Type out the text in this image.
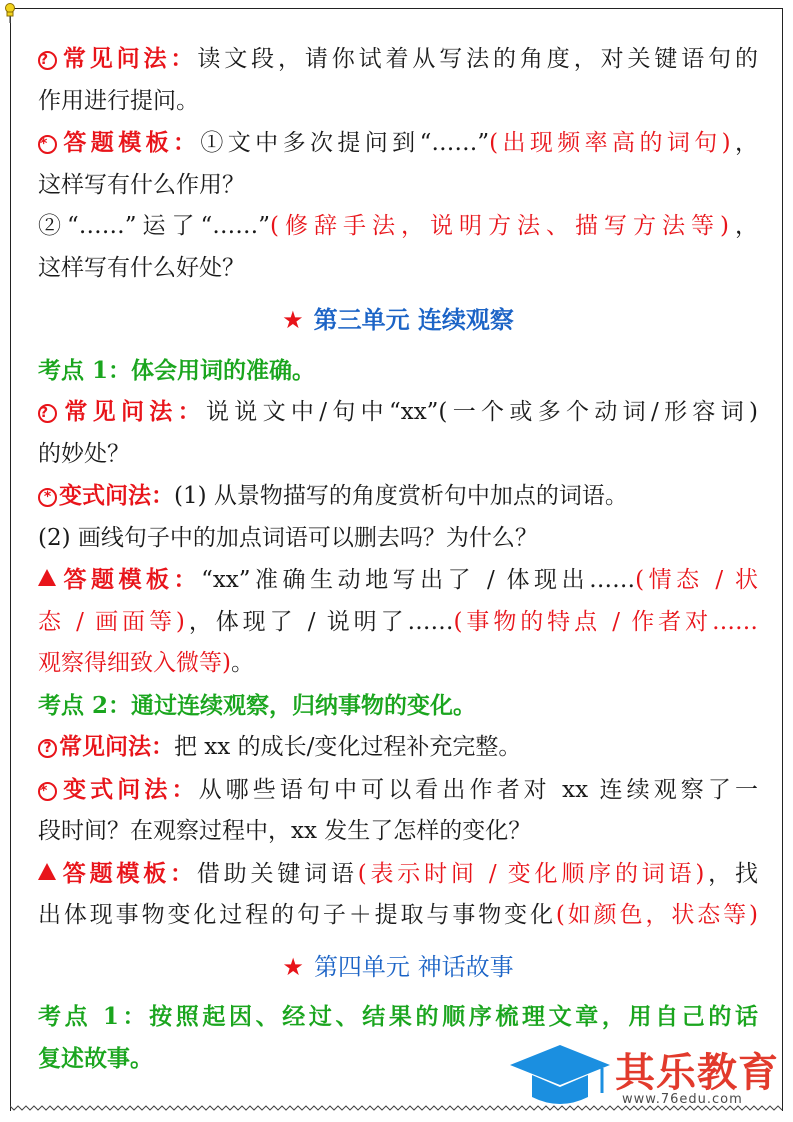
? 常见问法：读文段，请你试着从写法的角度，对关键语句的
作用进行提问。
* 答题模板：①文中多次提问到“……”(出现频率高的词句)，
这样写有什么作用？
②“……”运了“……”(修辞手法，说明方法、描写方法等)，
这样写有什么好处？
★ 第三单元 连续观察
考点 1：体会用词的准确。
? 常见问法：说说文中/句中“xx”(一个或多个动词/形容词)
的妙处？
* 变式问法：(1) 从景物描写的角度赏析句中加点的词语。
(2) 画线句子中的加点词语可以删去吗？为什么？
答题模板：“xx”准确生动地写出了 / 体现出……(情态 / 状
态 / 画面等)，体现了 / 说明了……(事物的特点 / 作者对……
观察得细致入微等)。
考点 2：通过连续观察，归纳事物的变化。
? 常见问法：把 xx 的成长/变化过程补充完整。
* 变式问法：从哪些语句中可以看出作者对 xx 连续观察了一
段时间？在观察过程中，xx 发生了怎样的变化？
答题模板：借助关键词语(表示时间 / 变化顺序的词语)，找
出体现事物变化过程的句子＋提取与事物变化(如颜色，状态等)
★ 第四单元 神话故事
考点 1：按照起因、经过、结果的顺序梳理文章，用自己的话
复述故事。	其乐教育
www.76edu.com
